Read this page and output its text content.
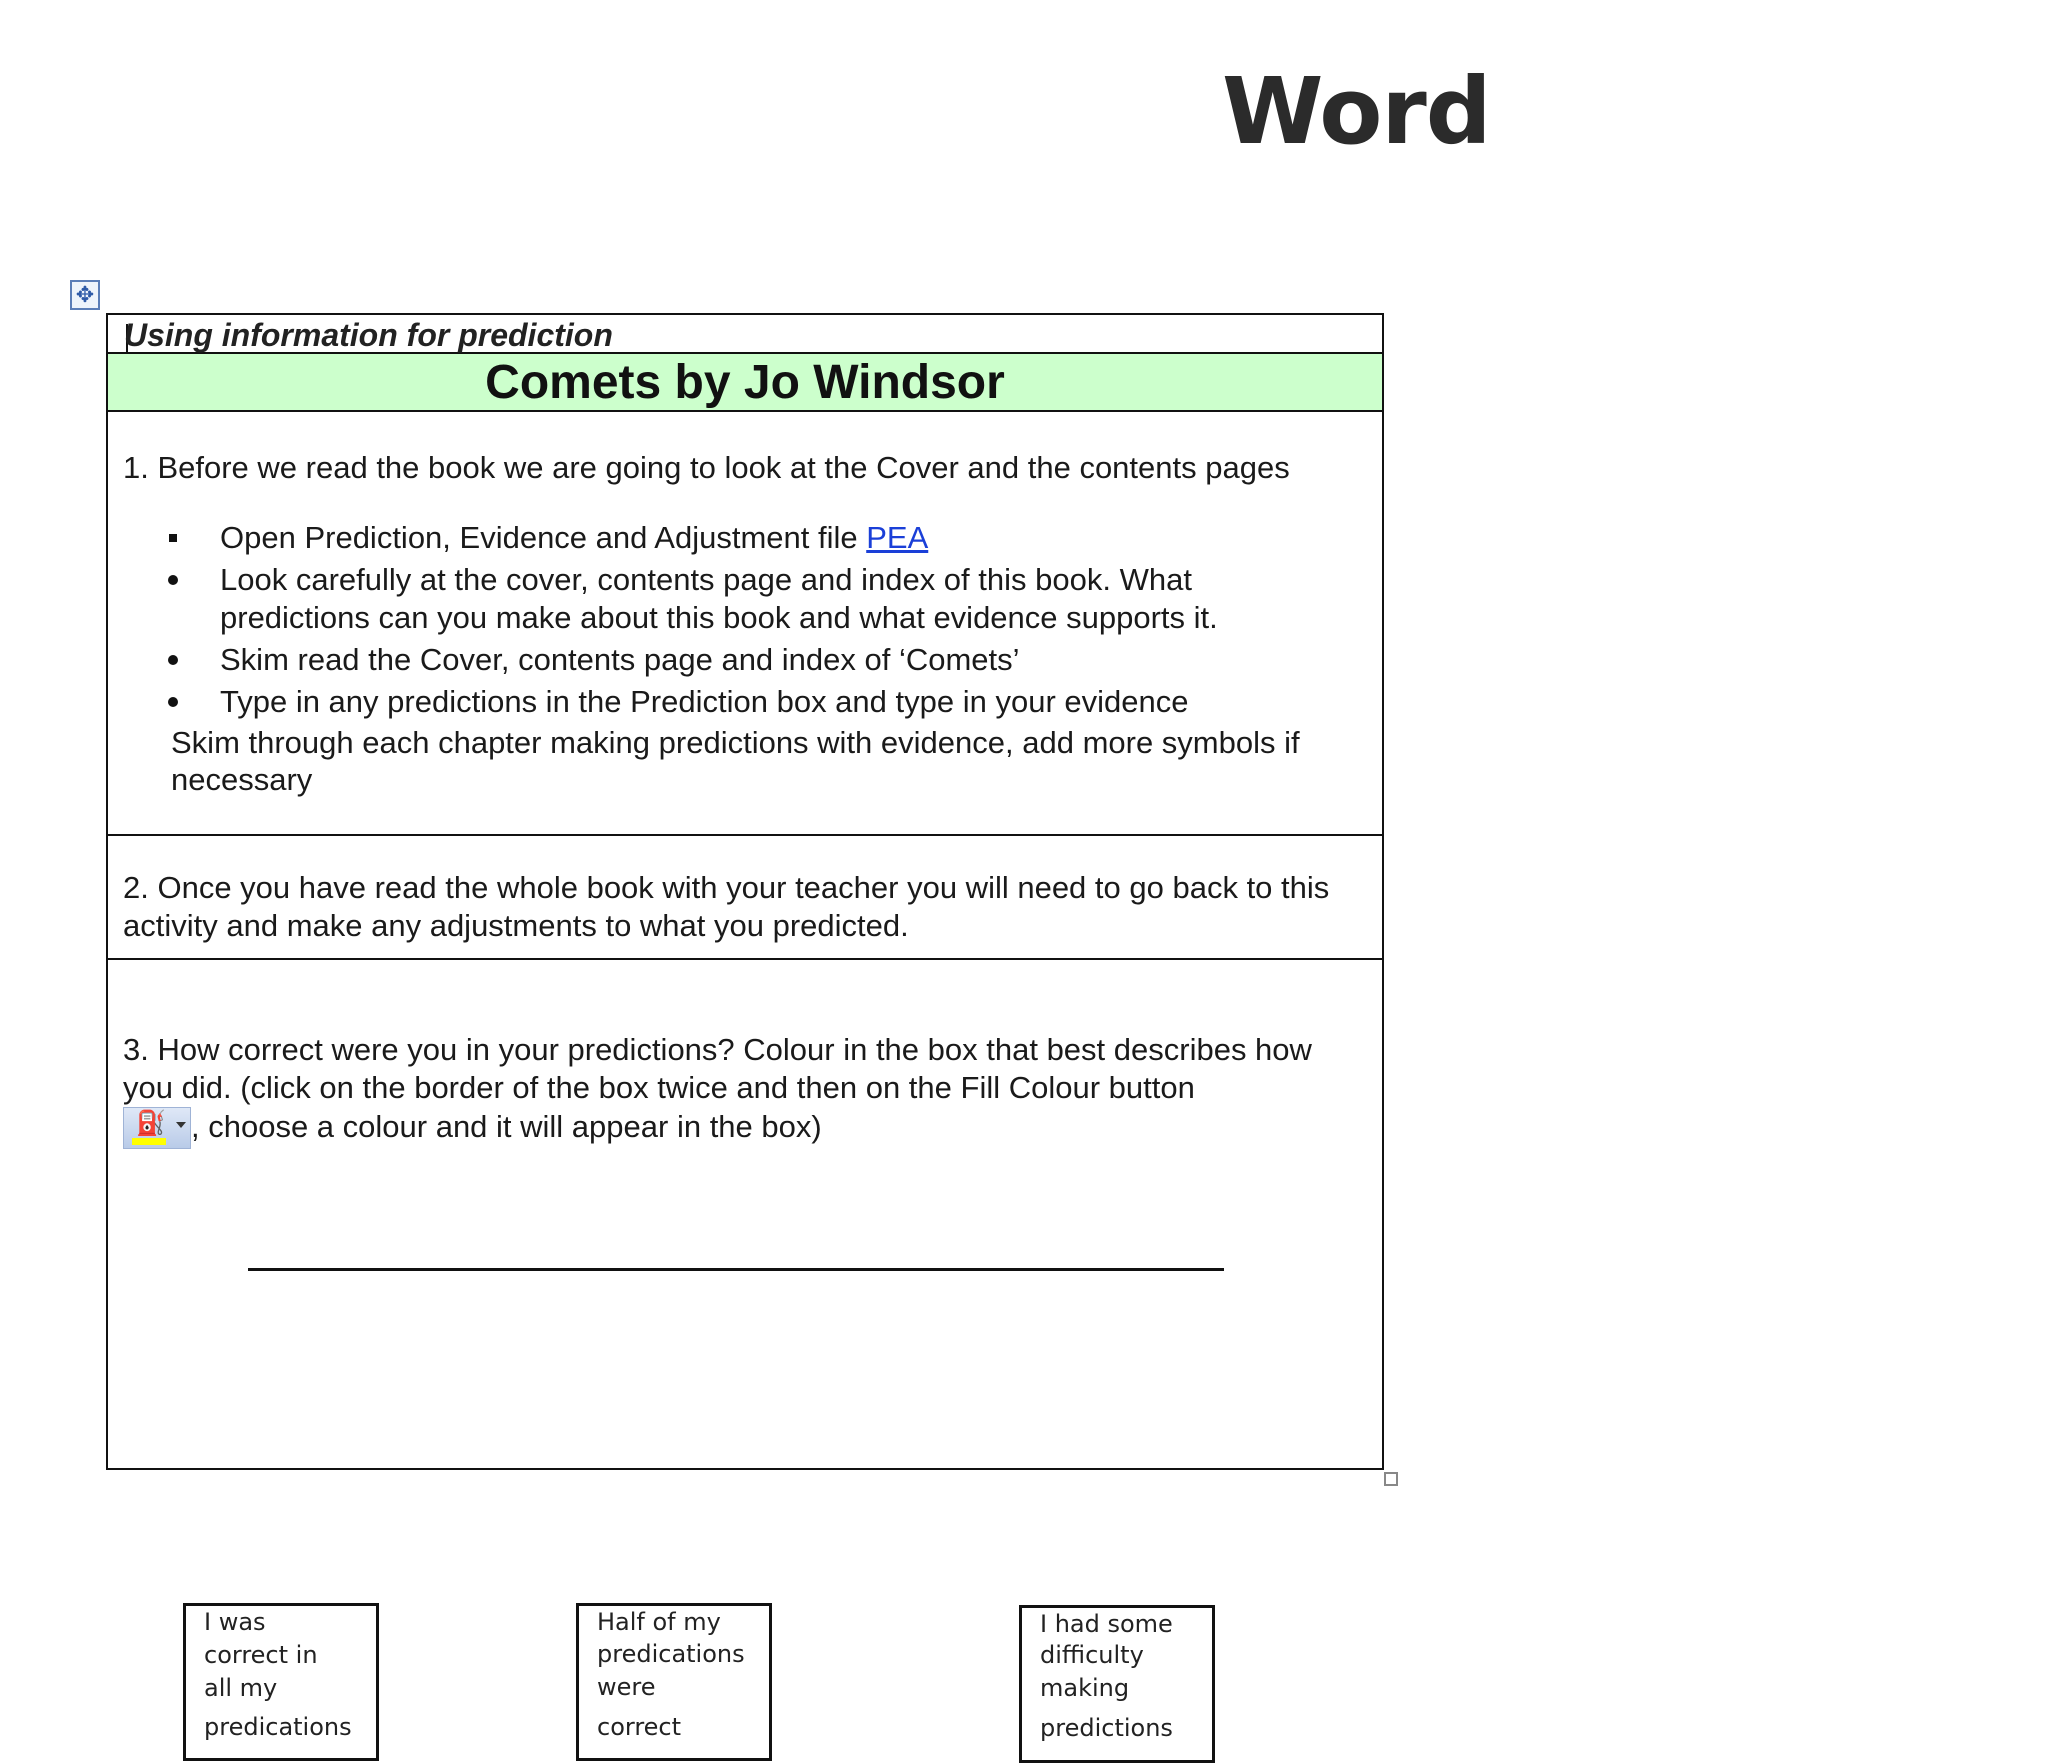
Word
✥
Using information for prediction
Comets by Jo Windsor
1. Before we read the book we are going to look at the Cover and the contents pages
Open Prediction, Evidence and Adjustment file PEA
Look carefully at the cover, contents page and index of this book. What predictions can you make about this book and what evidence supports it.
Skim read the Cover, contents page and index of ‘Comets’
Type in any predictions in the Prediction box and type in your evidence
Skim through each chapter making predictions with evidence, add more symbols if necessary
2. Once you have read the whole book with your teacher you will need to go back to this activity and make any adjustments to what you predicted.
3. How correct were you in your predictions? Colour in the box that best describes how you did. (click on the border of the box twice and then on the Fill Colour button

⛽ , choose a colour and it will appear in the box)
I was
correct in
all my
predications
Half of my
predications
were
correct
I had some
difficulty
making
predictions
